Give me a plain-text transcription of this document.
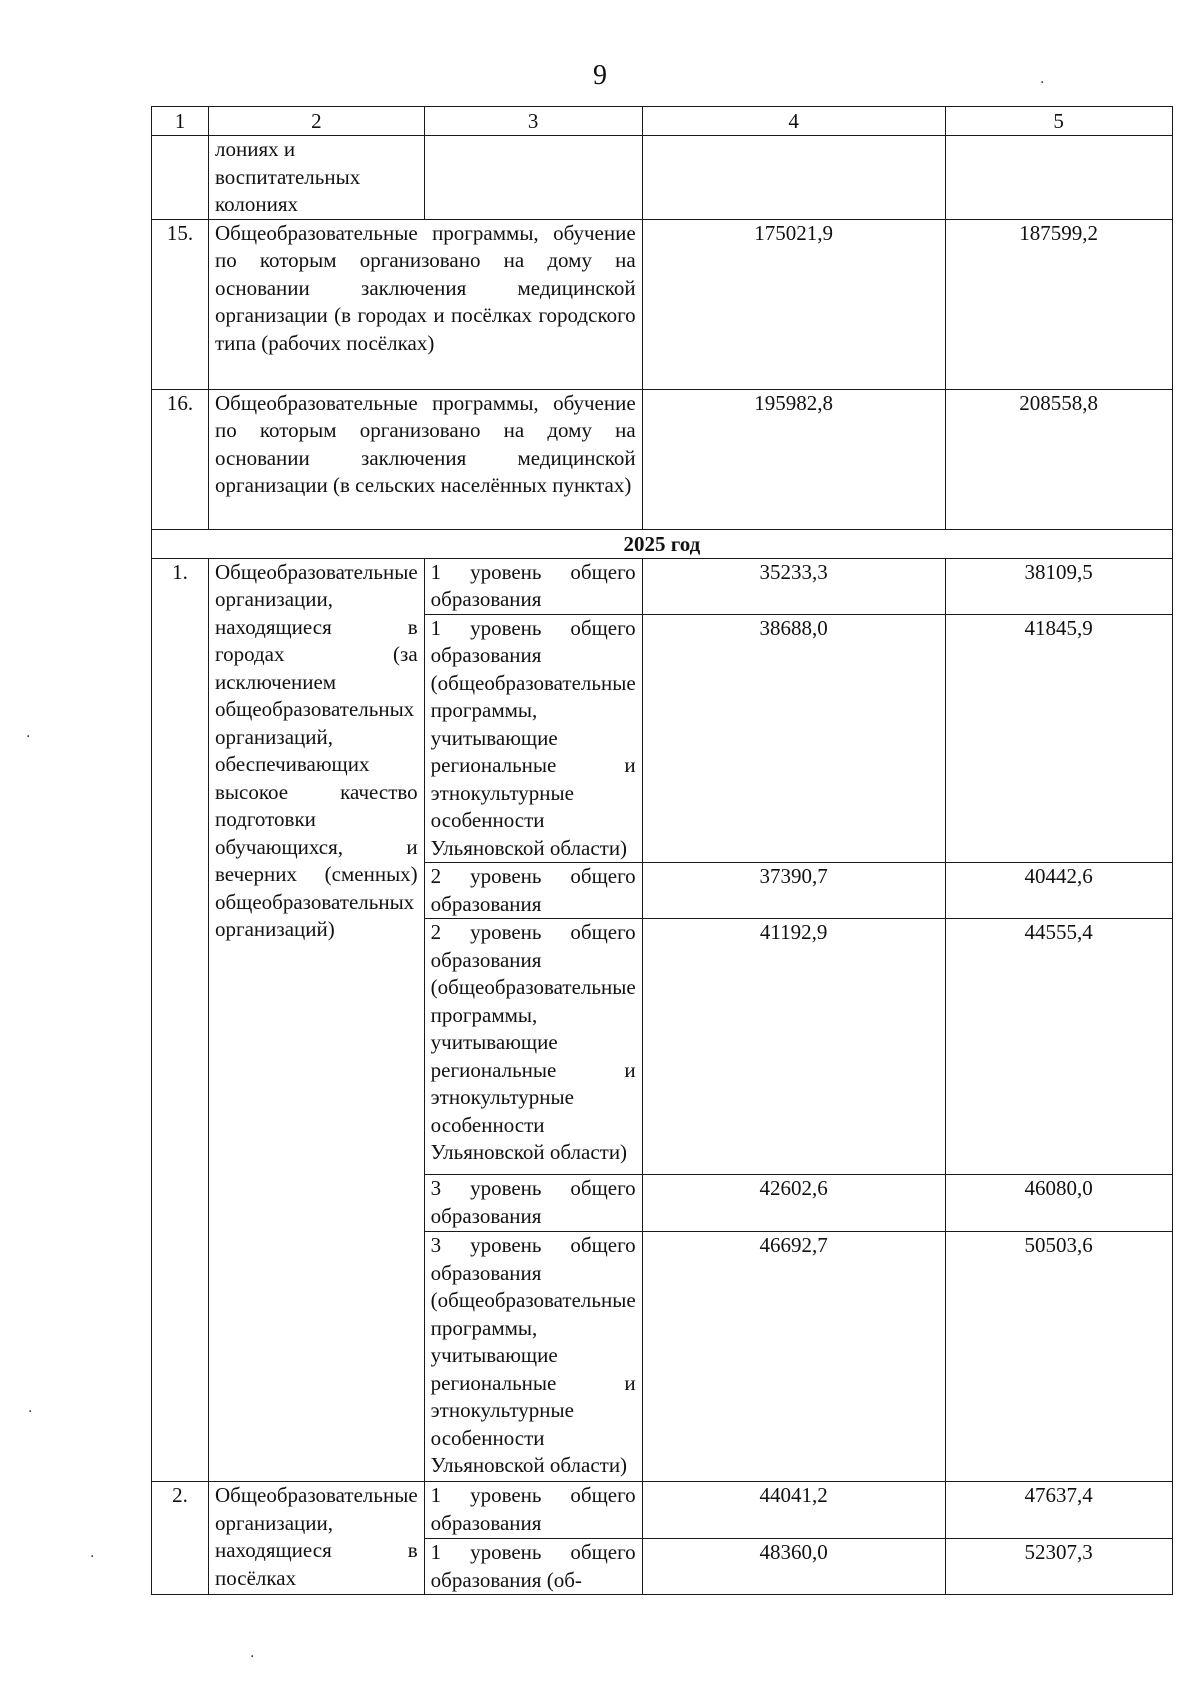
9
1	2	3	4	5
	лониях и воспитательных колониях			
15.	Общеобразовательные программы, обучение по которым организовано на дому на основании заключения медицинской организации (в городах и посёлках городского типа (рабочих посёлках)		175021,9	187599,2
16.	Общеобразовательные программы, обучение по которым организовано на дому на основании заключения медицинской организации (в сельских населённых пунктах)		195982,8	208558,8
2025 год				
1.	Общеобразовательные организации, находящиеся в городах (за исключением общеобразовательных организаций, обеспечивающих высокое качество подготовки обучающихся, и вечерних (сменных) общеобразовательных организаций)	1 уровень общего образования	35233,3	38109,5
		1 уровень общего образования (общеобразовательные программы, учитывающие региональные и этнокультурные особенности Ульяновской области)	38688,0	41845,9
		2 уровень общего образования	37390,7	40442,6
		2 уровень общего образования (общеобразовательные программы, учитывающие региональные и этнокультурные особенности Ульяновской области)	41192,9	44555,4
		3 уровень общего образования	42602,6	46080,0
		3 уровень общего образования (общеобразовательные программы, учитывающие региональные и этнокультурные особенности Ульяновской области)	46692,7	50503,6
2.	Общеобразовательные организации, находящиеся в посёлках	1 уровень общего образования	44041,2	47637,4
		1 уровень общего образования (об-	48360,0	52307,3
·
·
·
·
·
